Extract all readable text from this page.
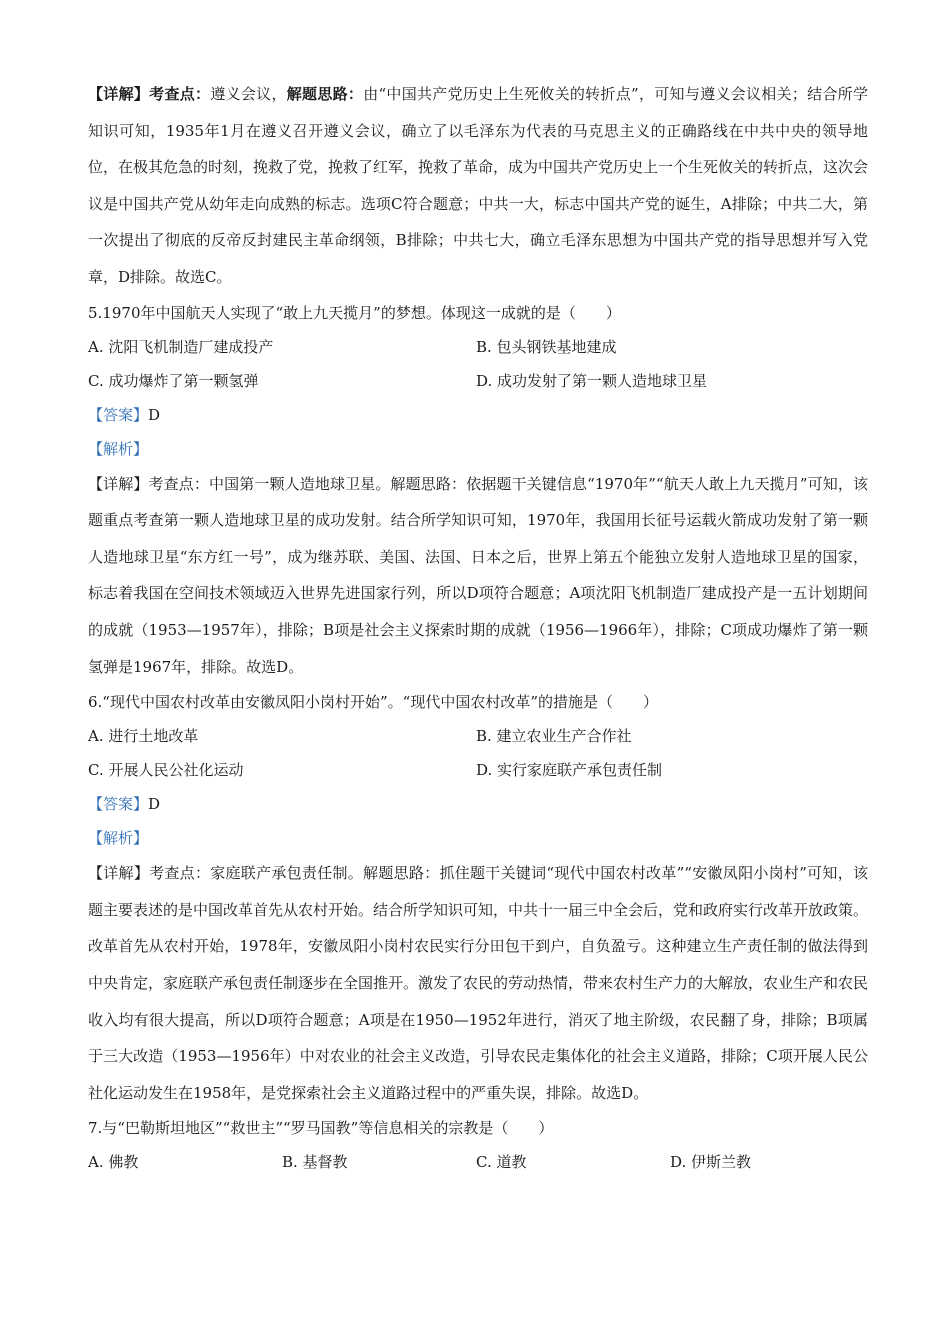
【详解】考查点：遵义会议，解题思路：由“中国共产党历史上生死攸关的转折点”，可知与遵义会议相关；结合所学知识可知，1935年1月在遵义召开遵义会议，确立了以毛泽东为代表的马克思主义的正确路线在中共中央的领导地位，在极其危急的时刻，挽救了党，挽救了红军，挽救了革命，成为中国共产党历史上一个生死攸关的转折点，这次会议是中国共产党从幼年走向成熟的标志。选项C符合题意；中共一大，标志中国共产党的诞生，A排除；中共二大，第一次提出了彻底的反帝反封建民主革命纲领，B排除；中共七大，确立毛泽东思想为中国共产党的指导思想并写入党章，D排除。故选C。

5.1970年中国航天人实现了“敢上九天揽月”的梦想。体现这一成就的是（　　）
A. 沈阳飞机制造厂建成投产	B. 包头钢铁基地建成
C. 成功爆炸了第一颗氢弹	D. 成功发射了第一颗人造地球卫星
【答案】D
【解析】

【详解】考查点：中国第一颗人造地球卫星。解题思路：依据题干关键信息“1970年”“航天人敢上九天揽月”可知，该题重点考查第一颗人造地球卫星的成功发射。结合所学知识可知，1970年，我国用长征号运载火箭成功发射了第一颗人造地球卫星“东方红一号”，成为继苏联、美国、法国、日本之后，世界上第五个能独立发射人造地球卫星的国家，标志着我国在空间技术领域迈入世界先进国家行列，所以D项符合题意；A项沈阳飞机制造厂建成投产是一五计划期间的成就（1953—1957年），排除；B项是社会主义探索时期的成就（1956—1966年），排除；C项成功爆炸了第一颗氢弹是1967年，排除。故选D。

6.“现代中国农村改革由安徽凤阳小岗村开始”。“现代中国农村改革”的措施是（　　）
A. 进行土地改革	B. 建立农业生产合作社
C. 开展人民公社化运动	D. 实行家庭联产承包责任制
【答案】D
【解析】

【详解】考查点：家庭联产承包责任制。解题思路：抓住题干关键词“现代中国农村改革”“安徽凤阳小岗村”可知，该题主要表述的是中国改革首先从农村开始。结合所学知识可知，中共十一届三中全会后，党和政府实行改革开放政策。改革首先从农村开始，1978年，安徽凤阳小岗村农民实行分田包干到户，自负盈亏。这种建立生产责任制的做法得到中央肯定，家庭联产承包责任制逐步在全国推开。激发了农民的劳动热情，带来农村生产力的大解放，农业生产和农民收入均有很大提高，所以D项符合题意；A项是在1950—1952年进行，消灭了地主阶级，农民翻了身，排除；B项属于三大改造（1953—1956年）中对农业的社会主义改造，引导农民走集体化的社会主义道路，排除；C项开展人民公社化运动发生在1958年，是党探索社会主义道路过程中的严重失误，排除。故选D。

7.与“巴勒斯坦地区”“救世主”“罗马国教”等信息相关的宗教是（　　）
A. 佛教	B. 基督教	C. 道教	D. 伊斯兰教
